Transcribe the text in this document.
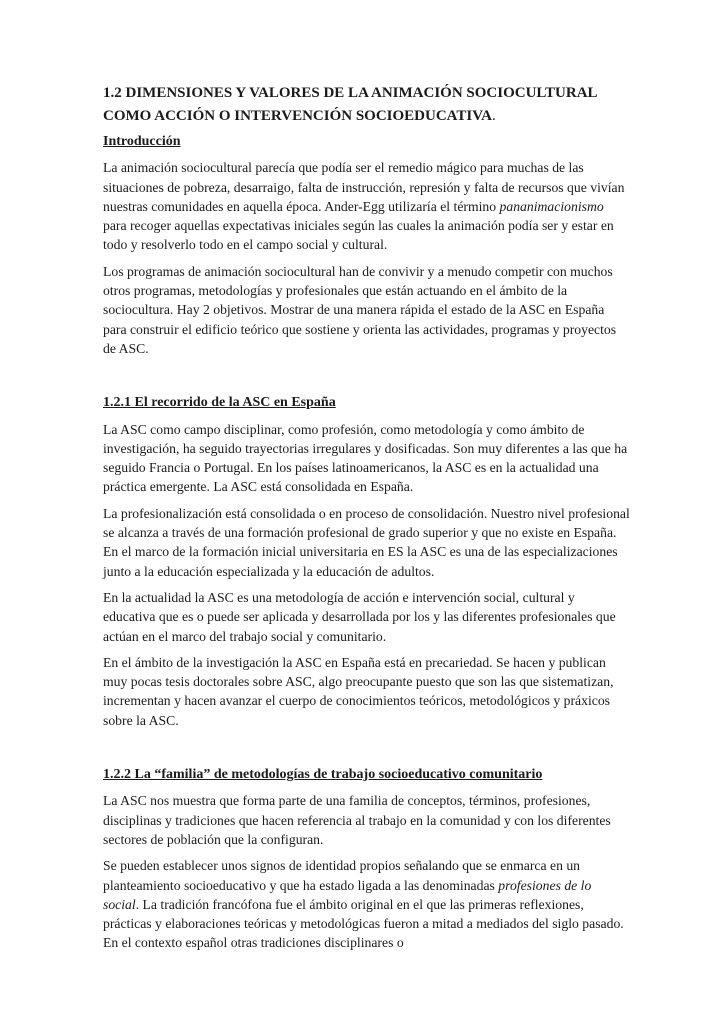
1.2 DIMENSIONES Y VALORES DE LA ANIMACIÓN SOCIOCULTURAL COMO ACCIÓN O INTERVENCIÓN SOCIOEDUCATIVA.
Introducción

La animación sociocultural parecía que podía ser el remedio mágico para muchas de las situaciones de pobreza, desarraigo, falta de instrucción, represión y falta de recursos que vivían nuestras comunidades en aquella época. Ander-Egg utilizaría el término pananimacionismo para recoger aquellas expectativas iniciales según las cuales la animación podía ser y estar en todo y resolverlo todo en el campo social y cultural.

Los programas de animación sociocultural han de convivir y a menudo competir con muchos otros programas, metodologías y profesionales que están actuando en el ámbito de la sociocultura. Hay 2 objetivos. Mostrar de una manera rápida el estado de la ASC en España para construir el edificio teórico que sostiene y orienta las actividades, programas y proyectos de ASC.

1.2.1 El recorrido de la ASC en España

La ASC como campo disciplinar, como profesión, como metodología y como ámbito de investigación, ha seguido trayectorias irregulares y dosificadas. Son muy diferentes a las que ha seguido Francia o Portugal. En los países latinoamericanos, la ASC es en la actualidad una práctica emergente. La ASC está consolidada en España.

La profesionalización está consolidada o en proceso de consolidación. Nuestro nivel profesional se alcanza a través de una formación profesional de grado superior y que no existe en España. En el marco de la formación inicial universitaria en ES la ASC es una de las especializaciones junto a la educación especializada y la educación de adultos.

En la actualidad la ASC es una metodología de acción e intervención social, cultural y educativa que es o puede ser aplicada y desarrollada por los y las diferentes profesionales que actúan en el marco del trabajo social y comunitario.

En el ámbito de la investigación la ASC en España está en precariedad. Se hacen y publican muy pocas tesis doctorales sobre ASC, algo preocupante puesto que son las que sistematizan, incrementan y hacen avanzar el cuerpo de conocimientos teóricos, metodológicos y práxicos sobre la ASC.

1.2.2 La “familia” de metodologías de trabajo socioeducativo comunitario

La ASC nos muestra que forma parte de una familia de conceptos, términos, profesiones, disciplinas y tradiciones que hacen referencia al trabajo en la comunidad y con los diferentes sectores de población que la configuran.

Se pueden establecer unos signos de identidad propios señalando que se enmarca en un planteamiento socioeducativo y que ha estado ligada a las denominadas profesiones de lo social. La tradición francófona fue el ámbito original en el que las primeras reflexiones, prácticas y elaboraciones teóricas y metodológicas fueron a mitad a mediados del siglo pasado. En el contexto español otras tradiciones disciplinares o
